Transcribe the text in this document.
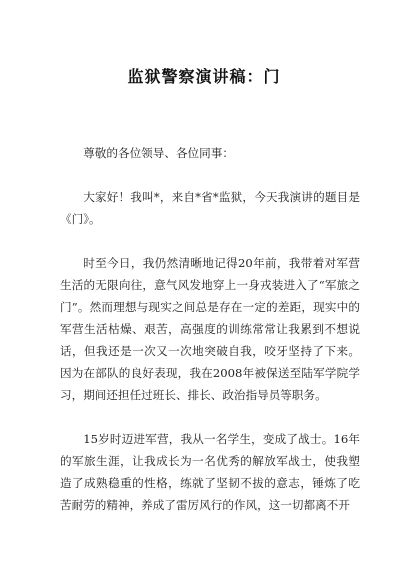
监狱警察演讲稿：门

尊敬的各位领导、各位同事：

大家好！我叫*，来自*省*监狱，今天我演讲的题目是《门》。

时至今日，我仍然清晰地记得20年前，我带着对军营生活的无限向往，意气风发地穿上一身戎装进入了“军旅之门”。然而理想与现实之间总是存在一定的差距，现实中的军营生活枯燥、艰苦，高强度的训练常常让我累到不想说话，但我还是一次又一次地突破自我，咬牙坚持了下来。因为在部队的良好表现，我在2008年被保送至陆军学院学习，期间还担任过班长、排长、政治指导员等职务。

15岁时迈进军营，我从一名学生，变成了战士。16年的军旅生涯，让我成长为一名优秀的解放军战士，使我塑造了成熟稳重的性格，练就了坚韧不拔的意志，锤炼了吃苦耐劳的精神，养成了雷厉风行的作风，这一切都离不开
